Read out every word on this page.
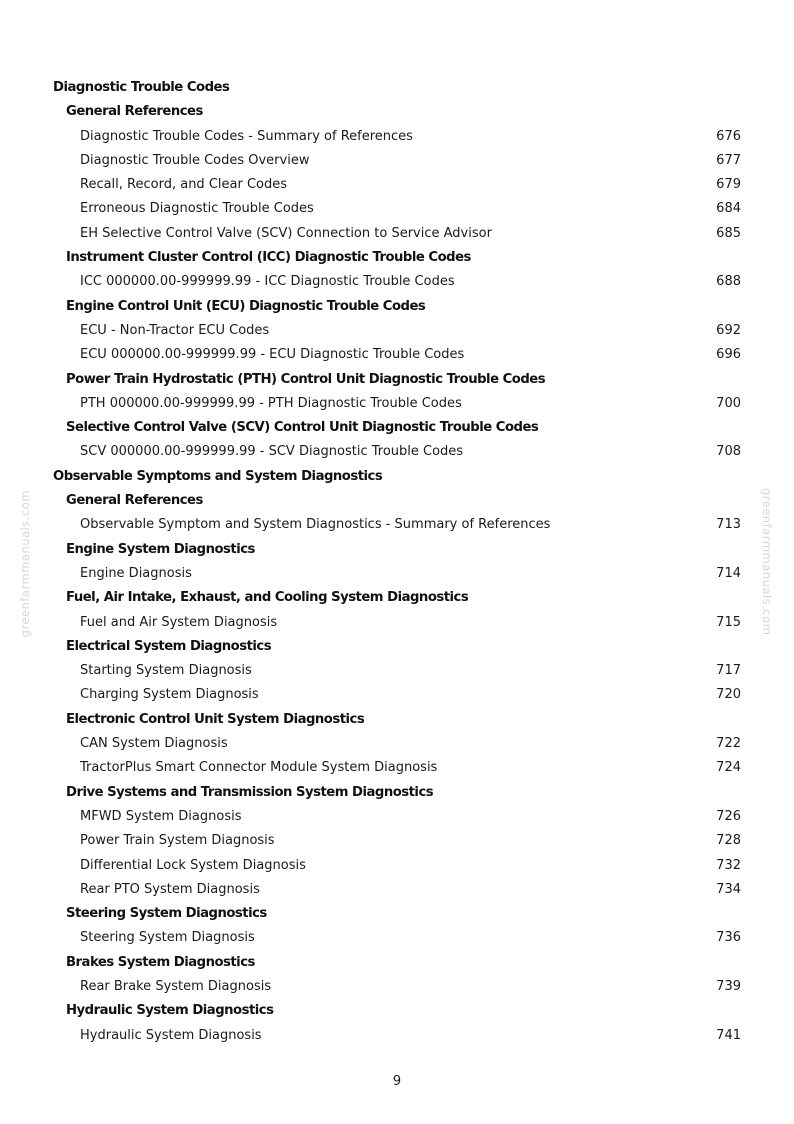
Diagnostic Trouble Codes
General References
Diagnostic Trouble Codes - Summary of References	676
Diagnostic Trouble Codes Overview	677
Recall, Record, and Clear Codes	679
Erroneous Diagnostic Trouble Codes	684
EH Selective Control Valve (SCV) Connection to Service Advisor	685
Instrument Cluster Control (ICC) Diagnostic Trouble Codes
ICC 000000.00-999999.99 - ICC Diagnostic Trouble Codes	688
Engine Control Unit (ECU) Diagnostic Trouble Codes
ECU - Non-Tractor ECU Codes	692
ECU 000000.00-999999.99 - ECU Diagnostic Trouble Codes	696
Power Train Hydrostatic (PTH) Control Unit Diagnostic Trouble Codes
PTH 000000.00-999999.99 - PTH Diagnostic Trouble Codes	700
Selective Control Valve (SCV) Control Unit Diagnostic Trouble Codes
SCV 000000.00-999999.99 - SCV Diagnostic Trouble Codes	708
Observable Symptoms and System Diagnostics
General References
Observable Symptom and System Diagnostics - Summary of References	713
Engine System Diagnostics
Engine Diagnosis	714
Fuel, Air Intake, Exhaust, and Cooling System Diagnostics
Fuel and Air System Diagnosis	715
Electrical System Diagnostics
Starting System Diagnosis	717
Charging System Diagnosis	720
Electronic Control Unit System Diagnostics
CAN System Diagnosis	722
TractorPlus Smart Connector Module System Diagnosis	724
Drive Systems and Transmission System Diagnostics
MFWD System Diagnosis	726
Power Train System Diagnosis	728
Differential Lock System Diagnosis	732
Rear PTO System Diagnosis	734
Steering System Diagnostics
Steering System Diagnosis	736
Brakes System Diagnostics
Rear Brake System Diagnosis	739
Hydraulic System Diagnostics
Hydraulic System Diagnosis	741
greenfarmmanuals.com	greenfarmmanuals.com
9
